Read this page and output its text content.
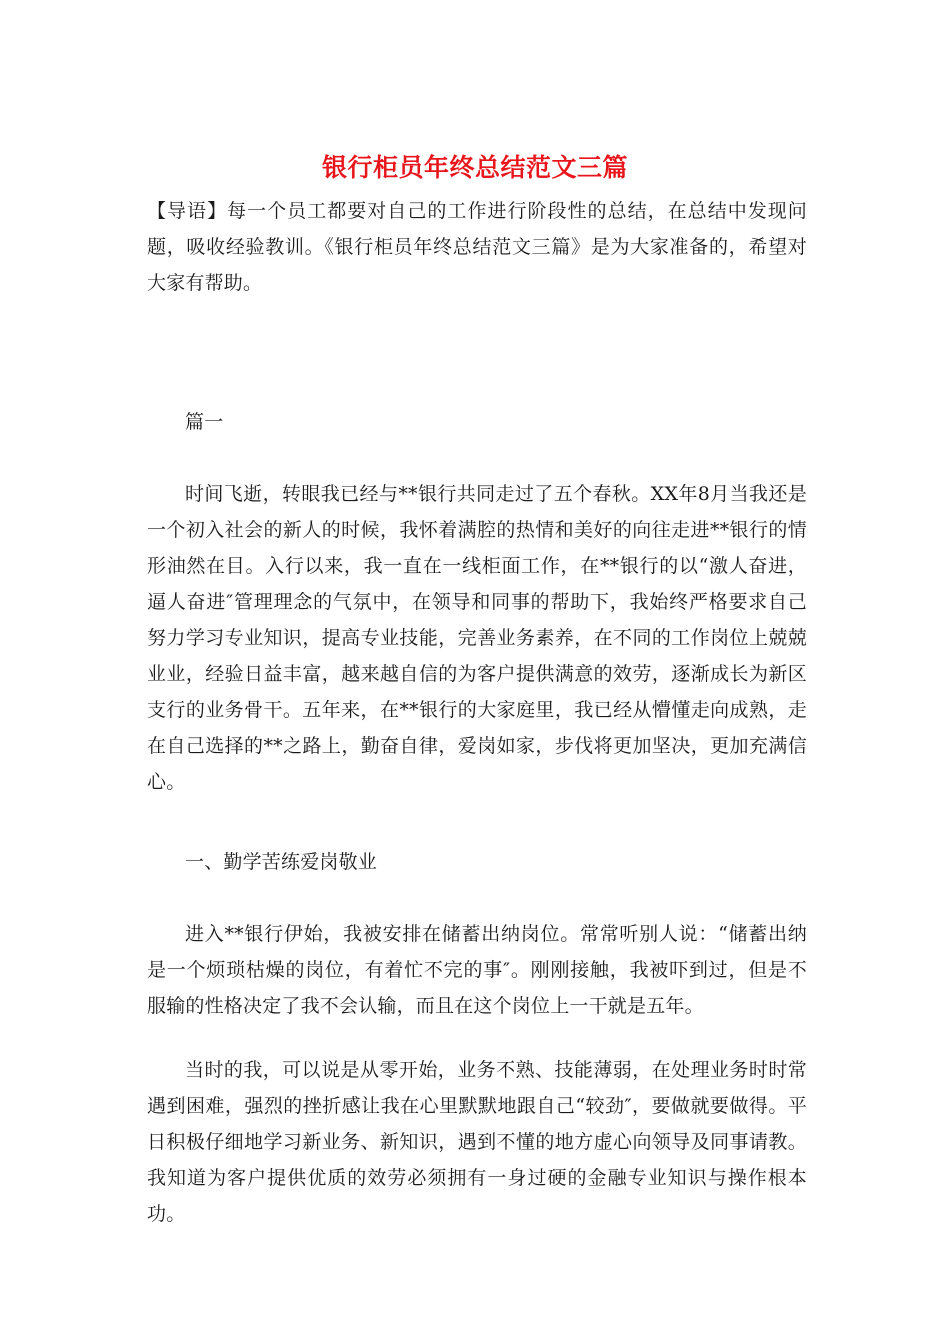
银行柜员年终总结范文三篇
【导语】每一个员工都要对自己的工作进行阶段性的总结，在总结中发现问题，吸收经验教训。《银行柜员年终总结范文三篇》是为大家准备的，希望对大家有帮助。
篇一
时间飞逝，转眼我已经与**银行共同走过了五个春秋。XX年8月当我还是一个初入社会的新人的时候，我怀着满腔的热情和美好的向往走进**银行的情形油然在目。入行以来，我一直在一线柜面工作，在**银行的以“激人奋进，逼人奋进″管理理念的气氛中，在领导和同事的帮助下，我始终严格要求自己努力学习专业知识，提高专业技能，完善业务素养，在不同的工作岗位上兢兢业业，经验日益丰富，越来越自信的为客户提供满意的效劳，逐渐成长为新区支行的业务骨干。五年来，在**银行的大家庭里，我已经从懵懂走向成熟，走在自己选择的**之路上，勤奋自律，爱岗如家，步伐将更加坚决，更加充满信心。
一、勤学苦练爱岗敬业
进入**银行伊始，我被安排在储蓄出纳岗位。常常听别人说：“储蓄出纳是一个烦琐枯燥的岗位，有着忙不完的事″。刚刚接触，我被吓到过，但是不服输的性格决定了我不会认输，而且在这个岗位上一干就是五年。
当时的我，可以说是从零开始，业务不熟、技能薄弱，在处理业务时时常遇到困难，强烈的挫折感让我在心里默默地跟自己“较劲″，要做就要做得。平日积极仔细地学习新业务、新知识，遇到不懂的地方虚心向领导及同事请教。我知道为客户提供优质的效劳必须拥有一身过硬的金融专业知识与操作根本功。
